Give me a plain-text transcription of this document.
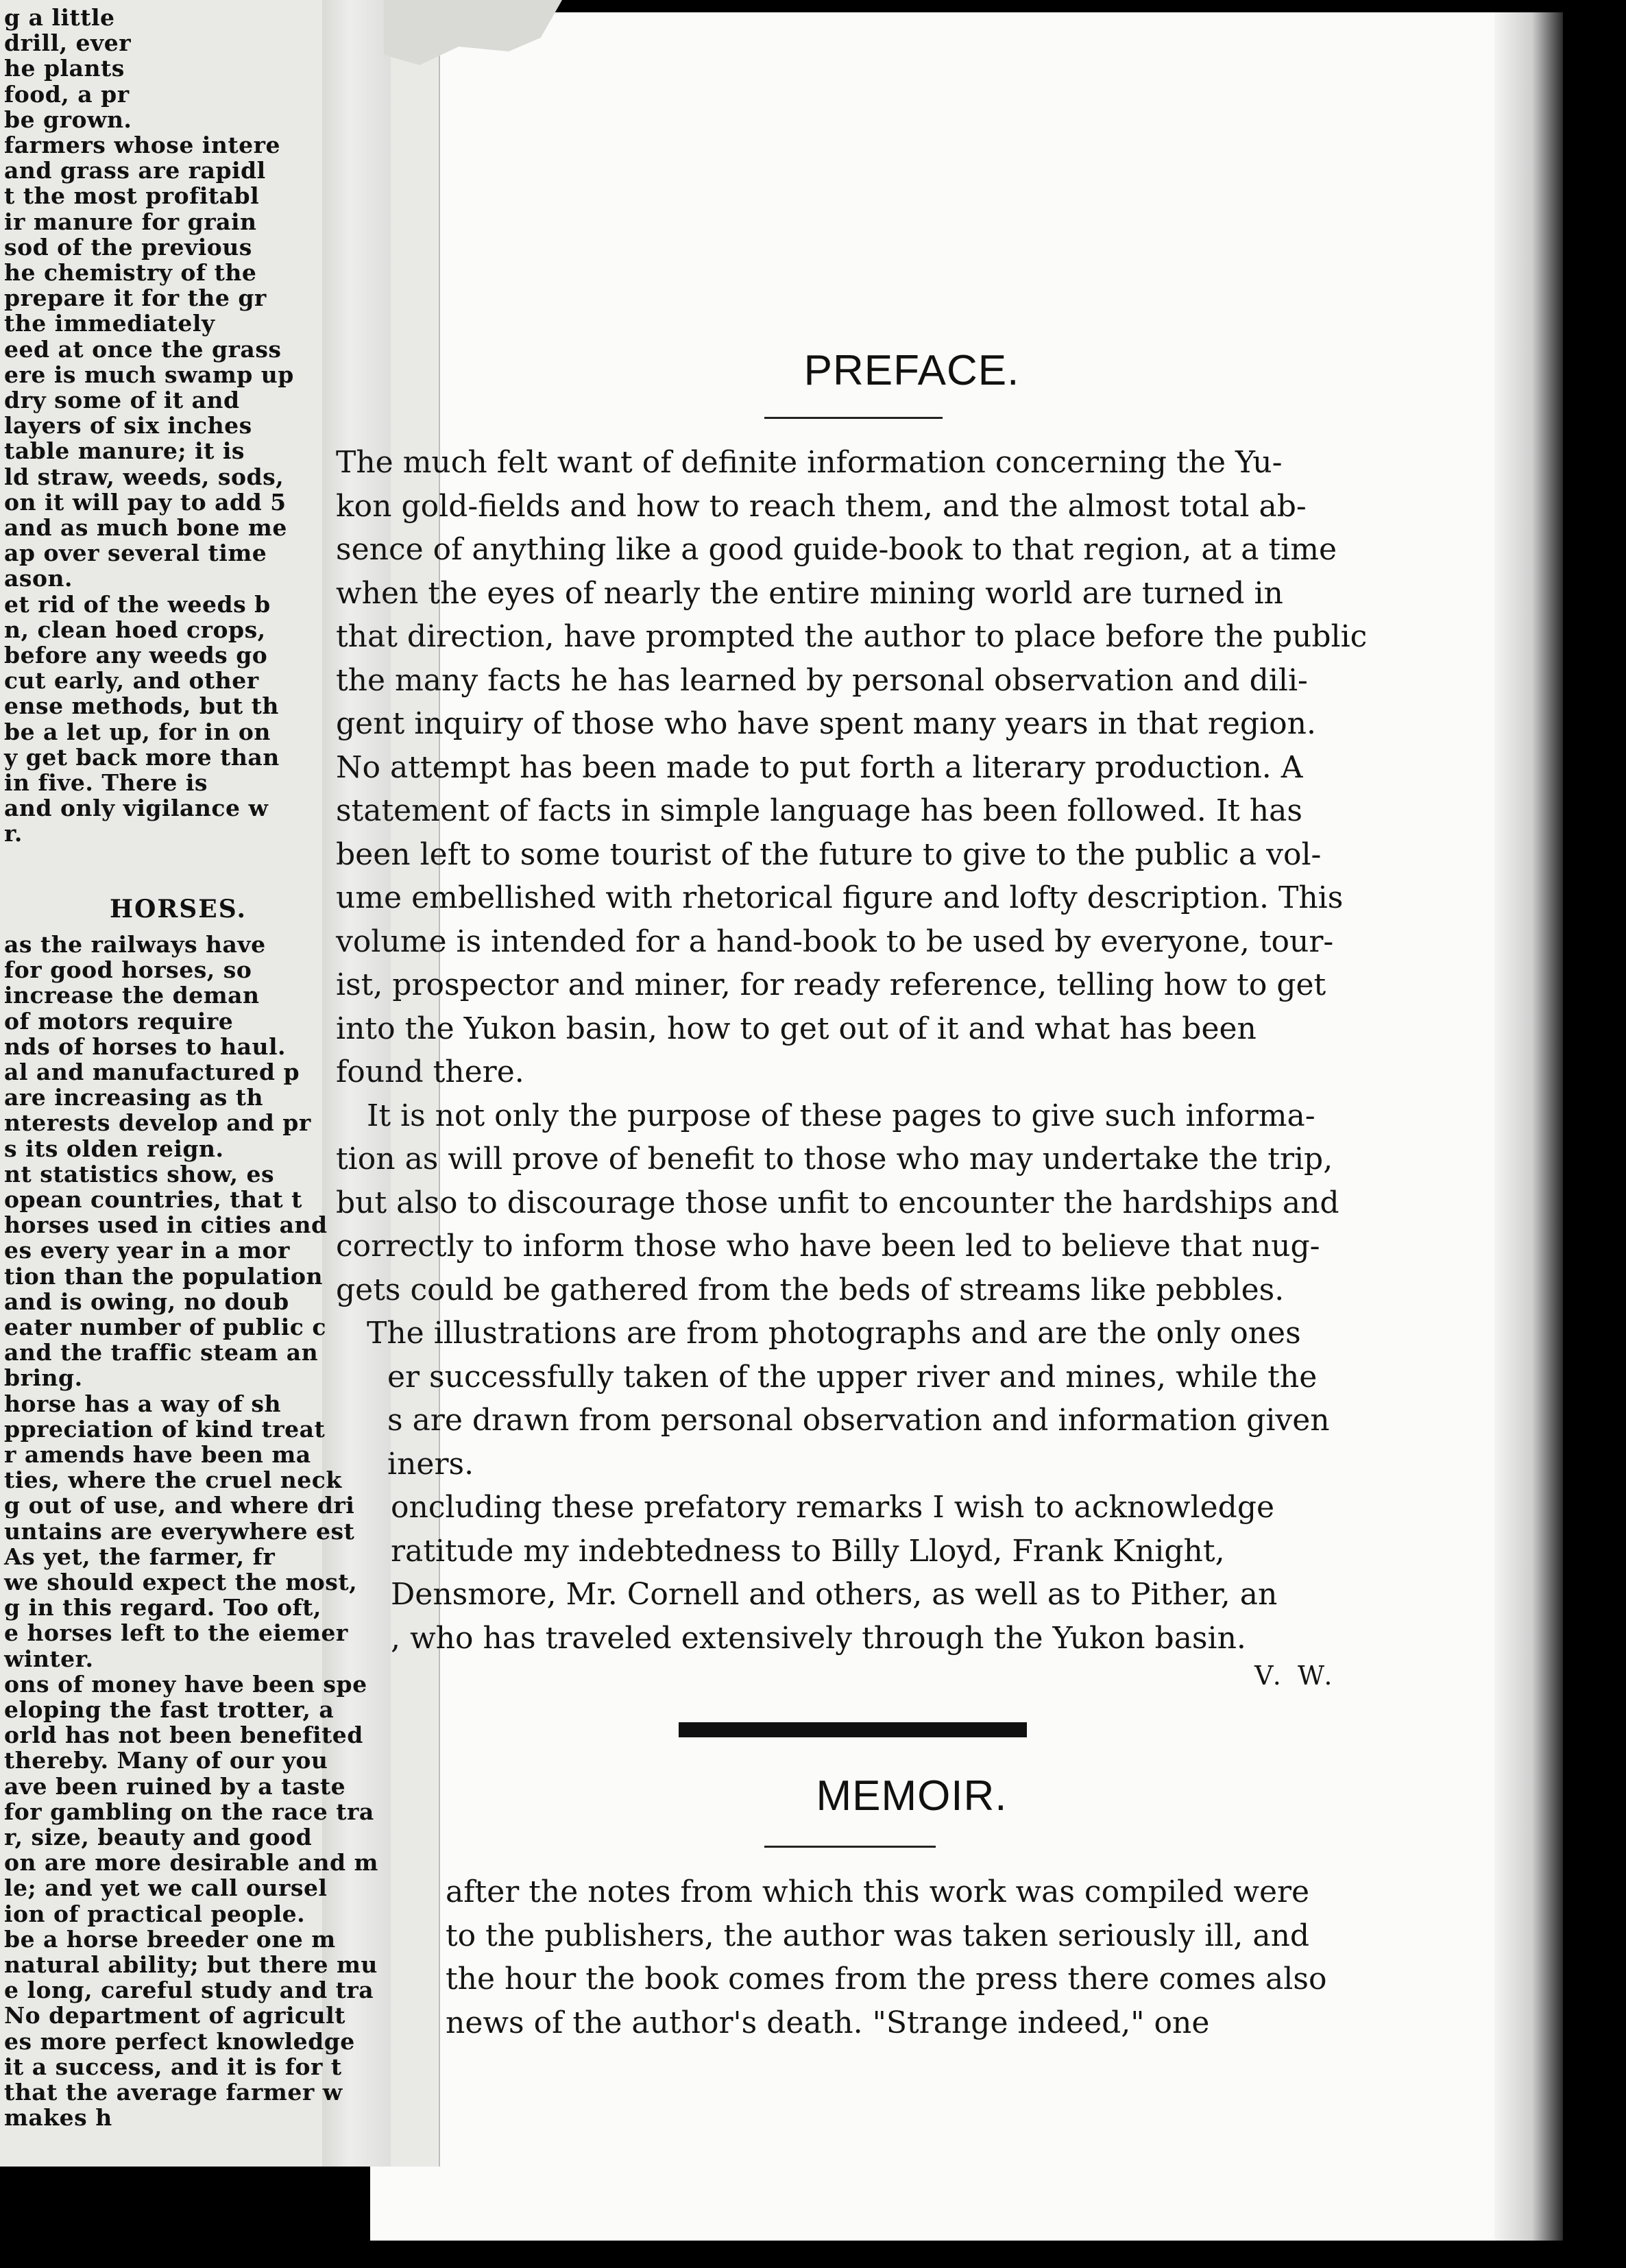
HORSES.
g a little
drill, ever
he plants
food, a pr
be grown.
farmers whose intere
and grass are rapidl
t the most profitabl
ir manure for grain
sod of the previous
he chemistry of the
prepare it for the gr
the immediately
eed at once the grass
ere is much swamp up
dry some of it and
layers of six inches
table manure; it is
ld straw, weeds, sods,
on it will pay to add 5
and as much bone me
ap over several time
ason.
et rid of the weeds b
n, clean hoed crops,
before any weeds go
cut early, and other
ense methods, but th
be a let up, for in on
y get back more than
in five. There is
and only vigilance w
r.
as the railways have
for good horses, so
increase the deman
of motors require
nds of horses to haul.
al and manufactured p
are increasing as th
nterests develop and pr
s its olden reign.
nt statistics show, es
opean countries, that t
horses used in cities and
es every year in a mor
tion than the population
and is owing, no doub
eater number of public c
and the traffic steam an
bring.
horse has a way of sh
ppreciation of kind treat
r amends have been ma
ties, where the cruel neck
g out of use, and where dri
untains are everywhere est
As yet, the farmer, fr
we should expect the most,
g in this regard. Too oft,
e horses left to the eiemer
winter.
ons of money have been spe
eloping the fast trotter, a
orld has not been benefited
thereby. Many of our you
ave been ruined by a taste
for gambling on the race tra
r, size, beauty and good
on are more desirable and m
le; and yet we call oursel
ion of practical people.
be a horse breeder one m
natural ability; but there mu
e long, careful study and tra
No department of agricult
es more perfect knowledge
it a success, and it is for t
that the average farmer w
makes h
PREFACE.
The much felt want of definite information concerning the Yu-
kon gold-fields and how to reach them, and the almost total ab-
sence of anything like a good guide-book to that region, at a time
when the eyes of nearly the entire mining world are turned in
that direction, have prompted the author to place before the public
the many facts he has learned by personal observation and dili-
gent inquiry of those who have spent many years in that region.
No attempt has been made to put forth a literary production. A
statement of facts in simple language has been followed. It has
been left to some tourist of the future to give to the public a vol-
ume embellished with rhetorical figure and lofty description. This
volume is intended for a hand-book to be used by everyone, tour-
ist, prospector and miner, for ready reference, telling how to get
into the Yukon basin, how to get out of it and what has been
found there.
It is not only the purpose of these pages to give such informa-
tion as will prove of benefit to those who may undertake the trip,
but also to discourage those unfit to encounter the hardships and
correctly to inform those who have been led to believe that nug-
gets could be gathered from the beds of streams like pebbles.
The illustrations are from photographs and are the only ones
er successfully taken of the upper river and mines, while the
s are drawn from personal observation and information given
iners.
oncluding these prefatory remarks I wish to acknowledge
ratitude my indebtedness to Billy Lloyd, Frank Knight,
Densmore, Mr. Cornell and others, as well as to Pither, an
, who has traveled extensively through the Yukon basin.
V. W.
MEMOIR.
after the notes from which this work was compiled were
to the publishers, the author was taken seriously ill, and
the hour the book comes from the press there comes also
news of the author's death. "Strange indeed," one
